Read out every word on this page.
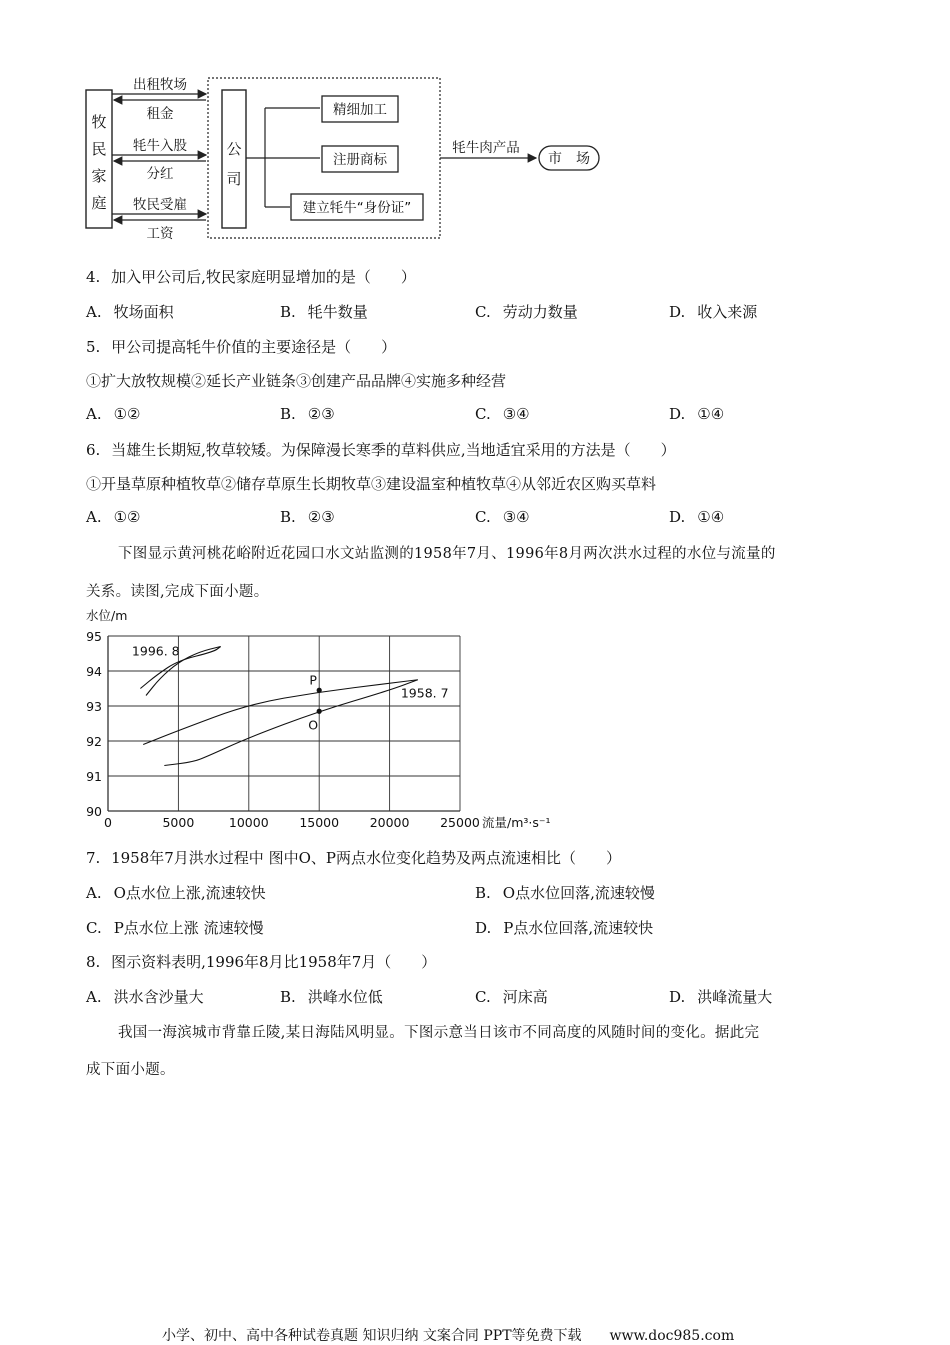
牧
民
家
庭
公
司
出租牧场
租金
牦牛入股
分红
牧民受雇
工资
精细加工
注册商标
建立牦牛“身份证”
牦牛肉产品
市　场
4. 加入甲公司后,牧民家庭明显增加的是（　　）
A. 牧场面积	B. 牦牛数量	C. 劳动力数量	D. 收入来源
5. 甲公司提高牦牛价值的主要途径是（　　）
①扩大放牧规模②延长产业链条③创建产品品牌④实施多种经营
A. ①②	B. ②③	C. ③④	D. ①④
6. 当雄生长期短,牧草较矮。为保障漫长寒季的草料供应,当地适宜采用的方法是（　　）
①开垦草原种植牧草②储存草原生长期牧草③建设温室种植牧草④从邻近农区购买草料
A. ①②	B. ②③	C. ③④	D. ①④
下图显示黄河桃花峪附近花园口水文站监测的1958年7月、1996年8月两次洪水过程的水位与流量的
关系。读图,完成下面小题。
水位/m
流量/m³·s⁻¹
0	5000	10000 15000 20000 25000
90
91
92
93
94
95
1996. 8
1958. 7
P
O
7. 1958年7月洪水过程中 图中O、P两点水位变化趋势及两点流速相比（　　）
A. O点水位上涨,流速较快	B. O点水位回落,流速较慢
C. P点水位上涨 流速较慢	D. P点水位回落,流速较快
8. 图示资料表明,1996年8月比1958年7月（　　）
A. 洪水含沙量大	B. 洪峰水位低	C. 河床高	D. 洪峰流量大
我国一海滨城市背靠丘陵,某日海陆风明显。下图示意当日该市不同高度的风随时间的变化。据此完
成下面小题。
小学、初中、高中各种试卷真题 知识归纳 文案合同 PPT等免费下载　　www.doc985.com
